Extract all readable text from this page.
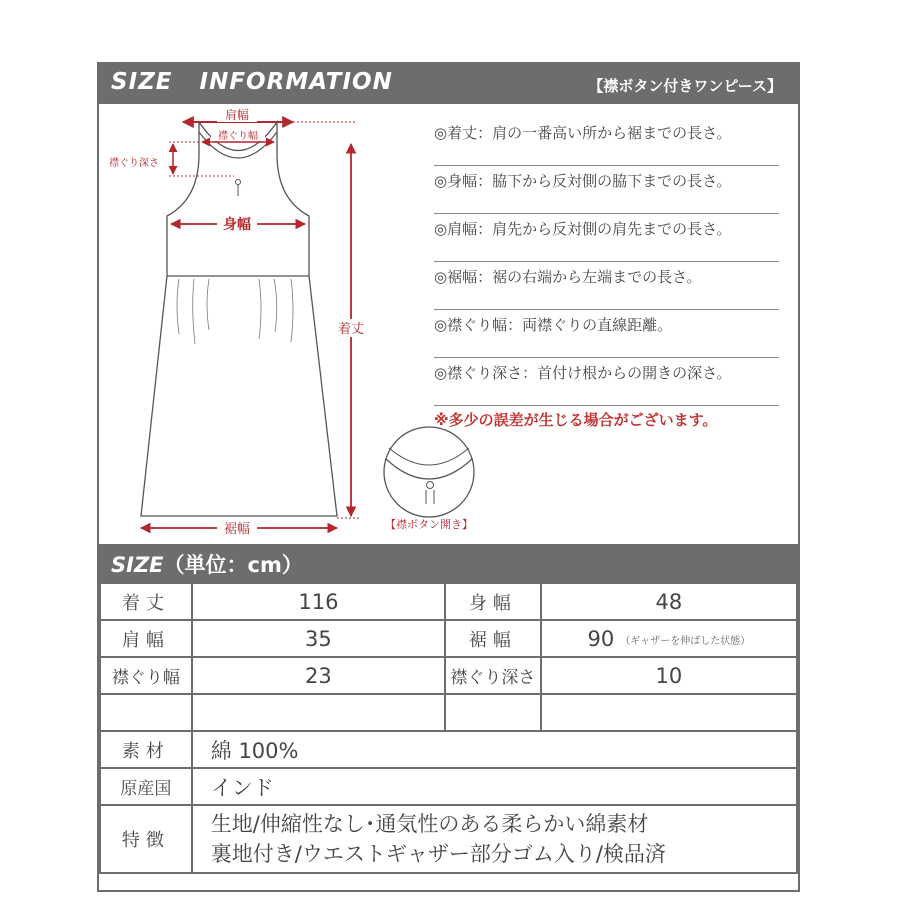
SIZE   INFORMATION	【襟ボタン付きワンピース】
肩幅
襟ぐり幅
襟ぐり深さ
身幅
着丈
裾幅	【襟ボタン開き】
◎着丈：肩の一番高い所から裾までの長さ。
◎身幅：脇下から反対側の脇下までの長さ。
◎肩幅：肩先から反対側の肩先までの長さ。
◎裾幅：裾の右端から左端までの長さ。
◎襟ぐり幅：両襟ぐりの直線距離。
◎襟ぐり深さ：首付け根からの開きの深さ。
※多少の誤差が生じる場合がございます。
SIZE（単位：cm）
着丈	116	身幅	48
肩幅	35	裾幅	90 （ギャザーを伸ばした状態）
襟ぐり幅	23	襟ぐり深さ	10

素材	綿 100%		
原産国	インド		
特徴	生地/伸縮性なし･通気性のある柔らかい綿素材
裏地付き/ウエストギャザー部分ゴム入り/検品済		
